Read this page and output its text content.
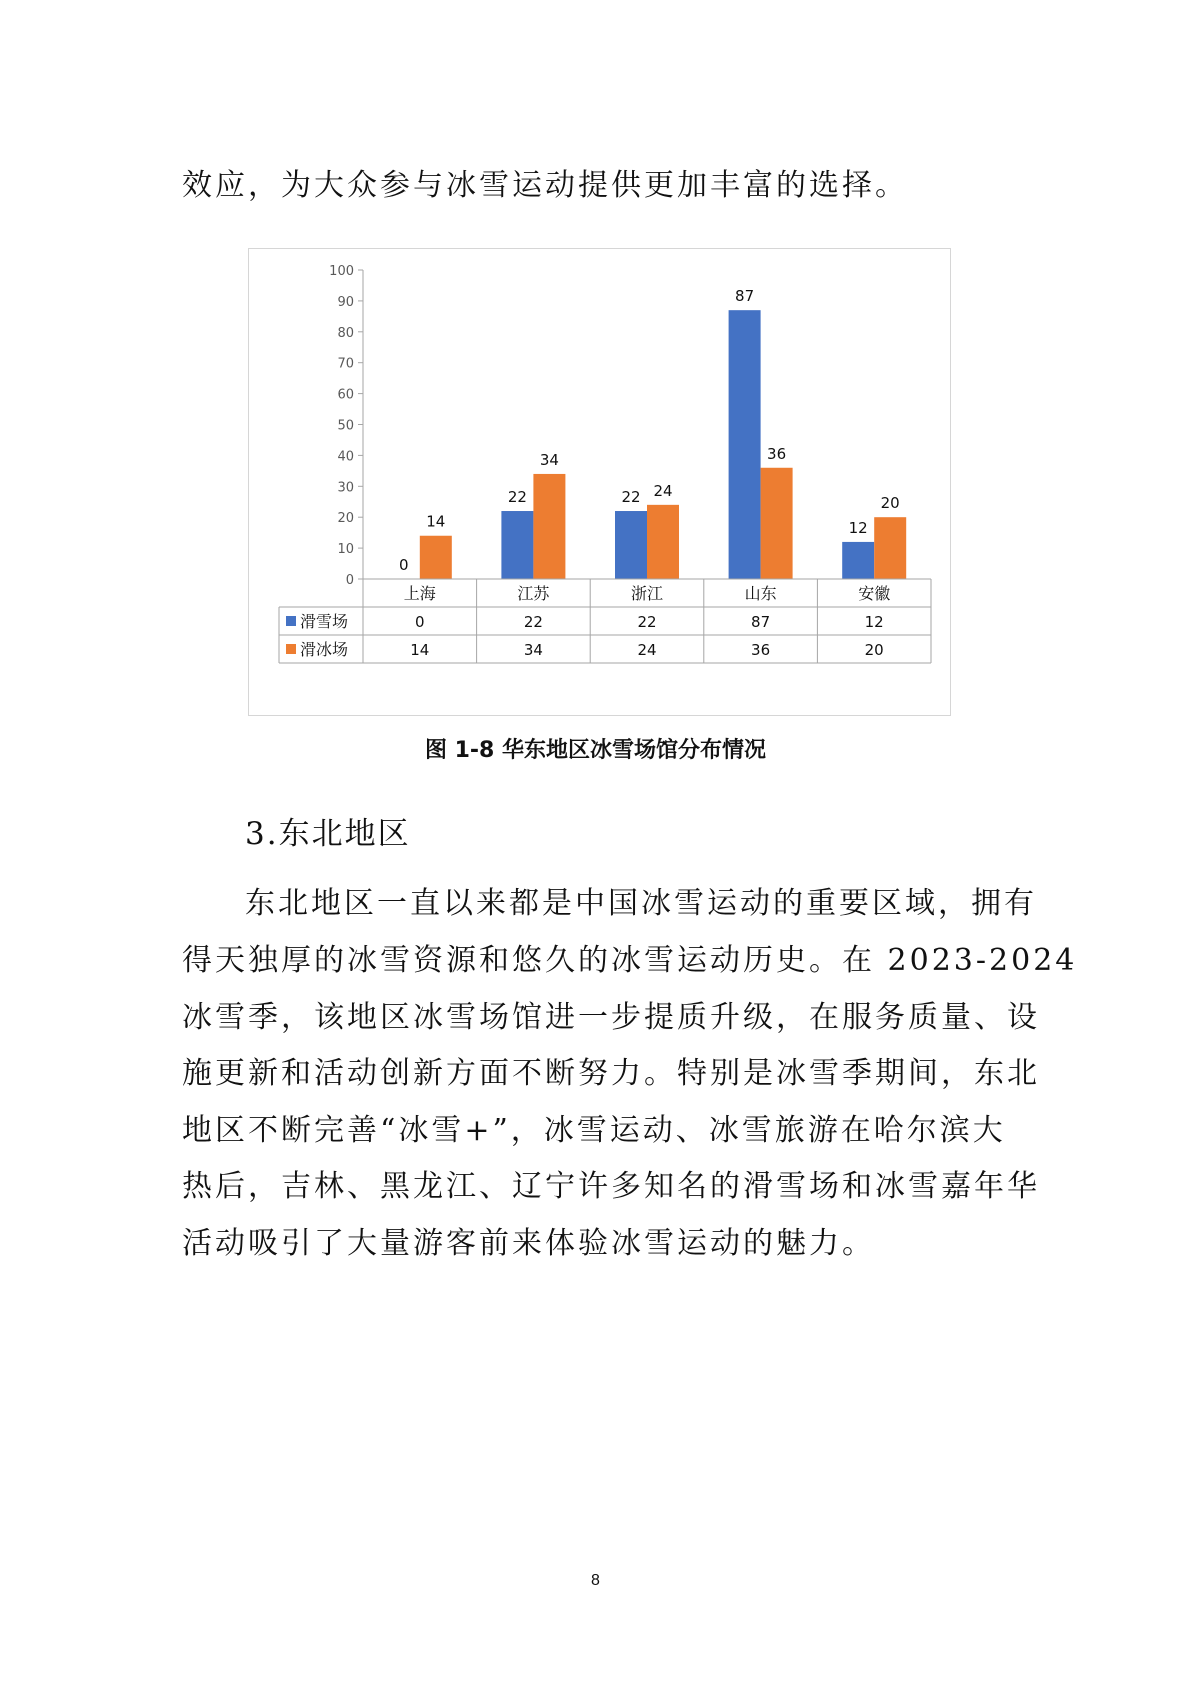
效应，为大众参与冰雪运动提供更加丰富的选择。
0
10
20
30
40
50
60
70
80
90
100
0
14
22
34
22 24
87
36
12
20
上海	江苏	浙江	山东	安徽
滑雪场	0	22	22	87	12
滑冰场	14	34	24	36	20
图 1-8 华东地区冰雪场馆分布情况
3.东北地区
东北地区一直以来都是中国冰雪运动的重要区域，拥有
得天独厚的冰雪资源和悠久的冰雪运动历史。在 2023-2024
冰雪季，该地区冰雪场馆进一步提质升级，在服务质量、设
施更新和活动创新方面不断努力。特别是冰雪季期间，东北
地区不断完善“冰雪+”，冰雪运动、冰雪旅游在哈尔滨大
热后，吉林、黑龙江、辽宁许多知名的滑雪场和冰雪嘉年华
活动吸引了大量游客前来体验冰雪运动的魅力。
8
